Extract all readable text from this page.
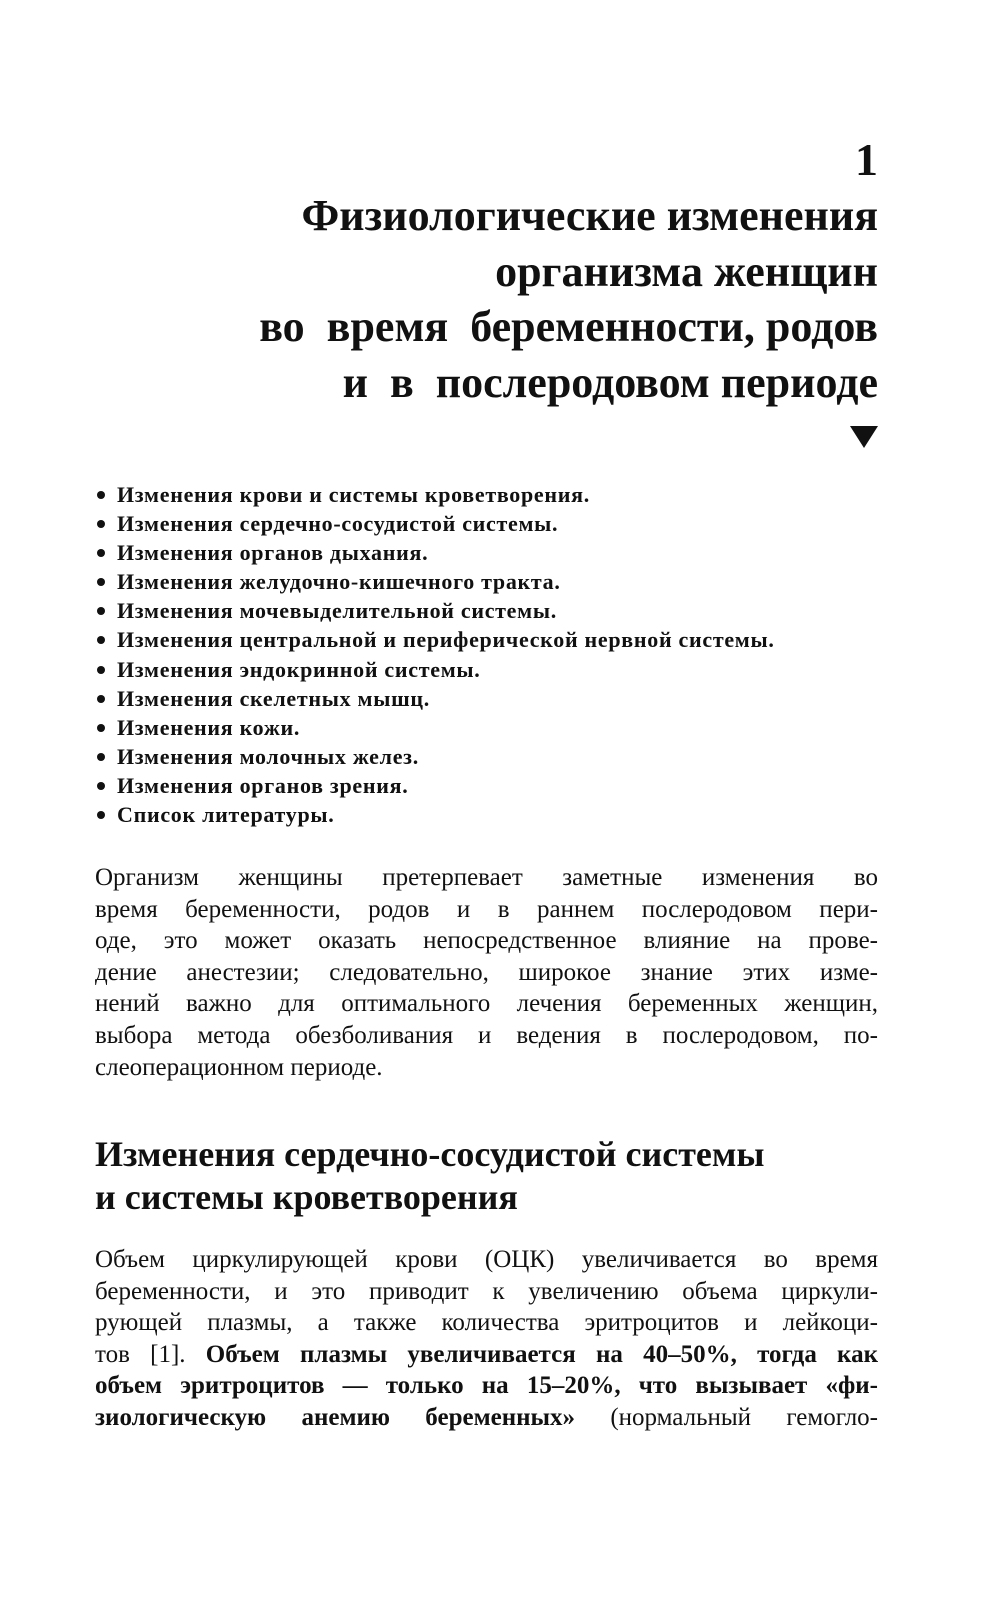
1
Физиологические изменения
организма женщин
во  время  беременности, родов
и  в  послеродовом периоде
Изменения крови и системы кроветворения.
Изменения сердечно-сосудистой системы.
Изменения органов дыхания.
Изменения желудочно-кишечного тракта.
Изменения мочевыделительной системы.
Изменения центральной и периферической нервной системы.
Изменения эндокринной системы.
Изменения скелетных мышц.
Изменения кожи.
Изменения молочных желез.
Изменения органов зрения.
Список литературы.
Организм женщины претерпевает заметные изменения во
время беременности, родов и в раннем послеродовом пери-
оде, это может оказать непосредственное влияние на прове-
дение анестезии; следовательно, широкое знание этих изме-
нений важно для оптимального лечения беременных женщин,
выбора метода обезболивания и ведения в послеродовом, по-
слеоперационном периоде.
Изменения сердечно-сосудистой системы
и системы кроветворения
Объем циркулирующей крови (ОЦК) увеличивается во время
беременности, и это приводит к увеличению объема циркули-
рующей плазмы, а также количества эритроцитов и лейкоци-
тов [1]. Объем плазмы увеличивается на 40–50%, тогда как
объем эритроцитов — только на 15–20%, что вызывает «фи-
зиологическую анемию беременных» (нормальный гемогло-
